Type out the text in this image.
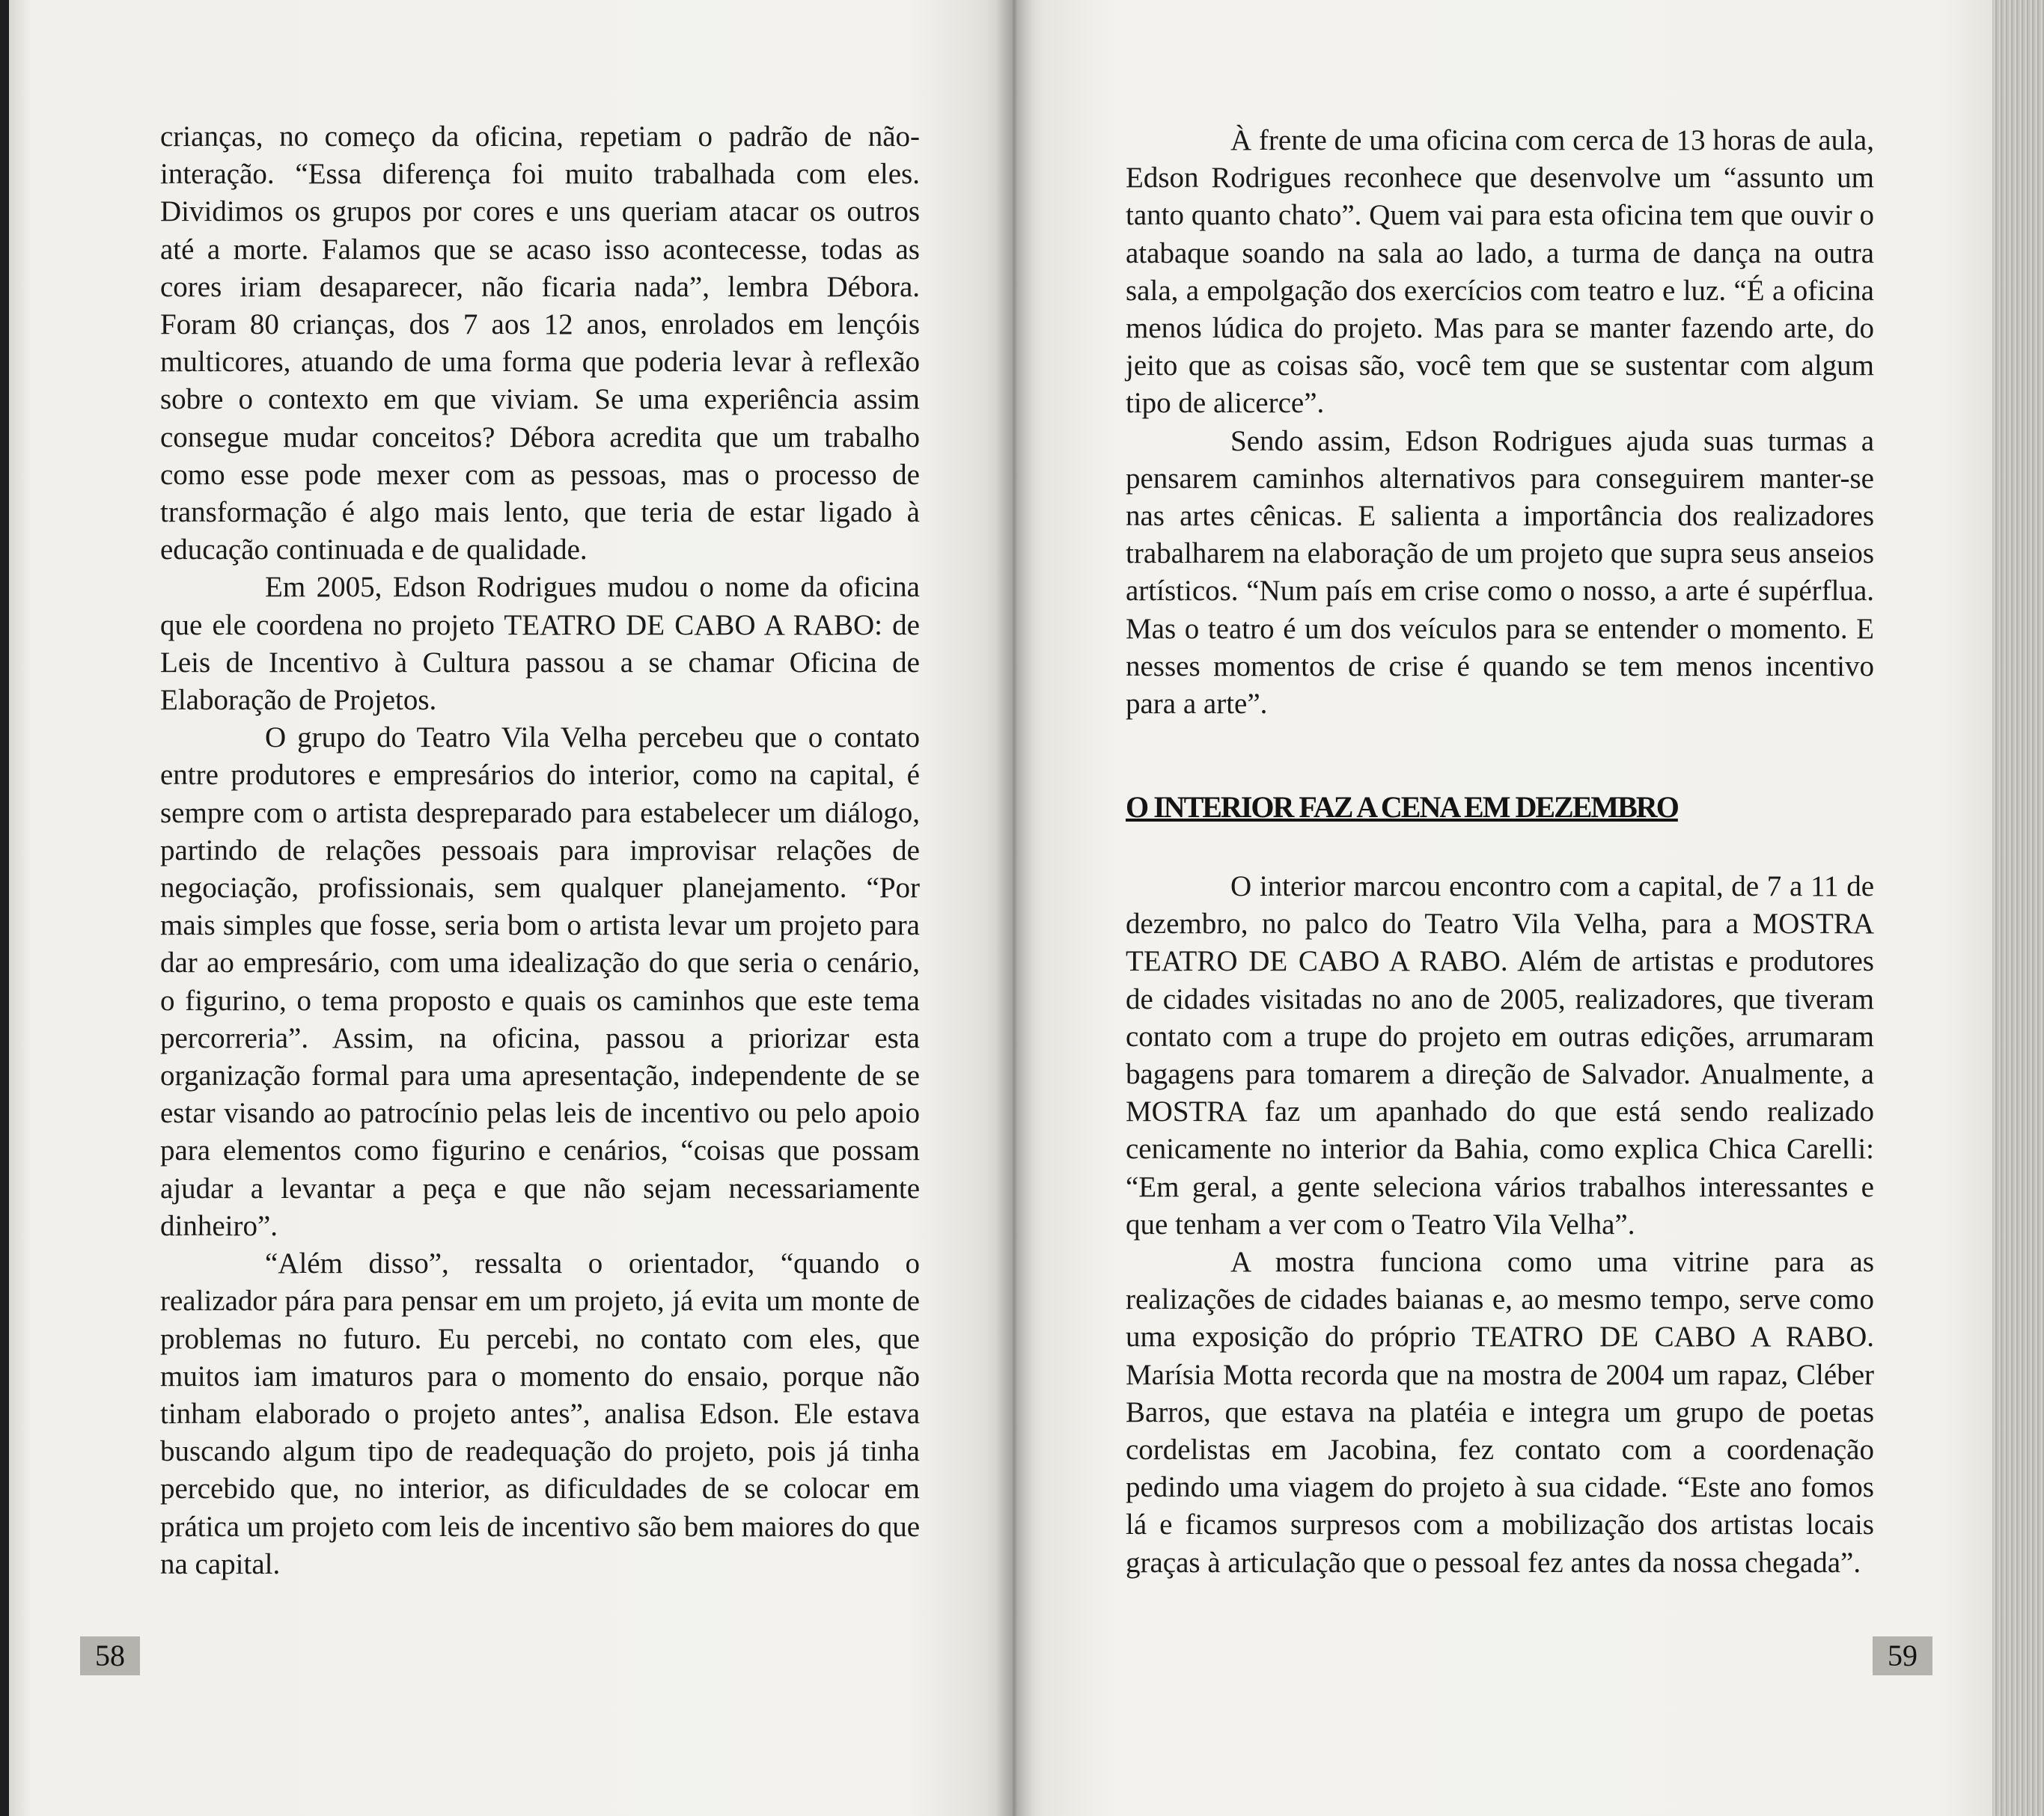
crianças, no começo da oficina, repetiam o padrão de não-interação. “Essa diferença foi muito trabalhada com eles. Dividimos os grupos por cores e uns queriam atacar os outros até a morte. Falamos que se acaso isso acontecesse, todas as cores iriam desaparecer, não ficaria nada”, lembra Débora. Foram 80 crianças, dos 7 aos 12 anos, enrolados em lençóis multicores, atuando de uma forma que poderia levar à reflexão sobre o contexto em que viviam. Se uma experiência assim consegue mudar conceitos? Débora acredita que um trabalho como esse pode mexer com as pessoas, mas o processo de transformação é algo mais lento, que teria de estar ligado à educação continuada e de qualidade.

Em 2005, Edson Rodrigues mudou o nome da oficina que ele coordena no projeto TEATRO DE CABO A RABO: de Leis de Incentivo à Cultura passou a se chamar Oficina de Elaboração de Projetos.

O grupo do Teatro Vila Velha percebeu que o contato entre produtores e empresários do interior, como na capital, é sempre com o artista despreparado para estabelecer um diálogo, partindo de relações pessoais para improvisar relações de negociação, profissionais, sem qualquer planejamento. “Por mais simples que fosse, seria bom o artista levar um projeto para dar ao empresário, com uma idealização do que seria o cenário, o figurino, o tema proposto e quais os caminhos que este tema percorreria”. Assim, na oficina, passou a priorizar esta organização formal para uma apresentação, independente de se estar visando ao patrocínio pelas leis de incentivo ou pelo apoio para elementos como figurino e cenários, “coisas que possam ajudar a levantar a peça e que não sejam necessariamente dinheiro”.

“Além disso”, ressalta o orientador, “quando o realizador pára para pensar em um projeto, já evita um monte de problemas no futuro. Eu percebi, no contato com eles, que muitos iam imaturos para o momento do ensaio, porque não tinham elaborado o projeto antes”, analisa Edson. Ele estava buscando algum tipo de readequação do projeto, pois já tinha percebido que, no interior, as dificuldades de se colocar em prática um projeto com leis de incentivo são bem maiores do que na capital.

58

À frente de uma oficina com cerca de 13 horas de aula, Edson Rodrigues reconhece que desenvolve um “assunto um tanto quanto chato”. Quem vai para esta oficina tem que ouvir o atabaque soando na sala ao lado, a turma de dança na outra sala, a empolgação dos exercícios com teatro e luz. “É a oficina menos lúdica do projeto. Mas para se manter fazendo arte, do jeito que as coisas são, você tem que se sustentar com algum tipo de alicerce”.

Sendo assim, Edson Rodrigues ajuda suas turmas a pensarem caminhos alternativos para conseguirem manter-se nas artes cênicas. E salienta a importância dos realizadores trabalharem na elaboração de um projeto que supra seus anseios artísticos. “Num país em crise como o nosso, a arte é supérflua. Mas o teatro é um dos veículos para se entender o momento. E nesses momentos de crise é quando se tem menos incentivo para a arte”.

O INTERIOR FAZ A CENA EM DEZEMBRO

O interior marcou encontro com a capital, de 7 a 11 de dezembro, no palco do Teatro Vila Velha, para a MOSTRA TEATRO DE CABO A RABO. Além de artistas e produtores de cidades visitadas no ano de 2005, realizadores, que tiveram contato com a trupe do projeto em outras edições, arrumaram bagagens para tomarem a direção de Salvador. Anualmente, a MOSTRA faz um apanhado do que está sendo realizado cenicamente no interior da Bahia, como explica Chica Carelli: “Em geral, a gente seleciona vários trabalhos interessantes e que tenham a ver com o Teatro Vila Velha”.

A mostra funciona como uma vitrine para as realizações de cidades baianas e, ao mesmo tempo, serve como uma exposição do próprio TEATRO DE CABO A RABO. Marísia Motta recorda que na mostra de 2004 um rapaz, Cléber Barros, que estava na platéia e integra um grupo de poetas cordelistas em Jacobina, fez contato com a coordenação pedindo uma viagem do projeto à sua cidade. “Este ano fomos lá e ficamos surpresos com a mobilização dos artistas locais graças à articulação que o pessoal fez antes da nossa chegada”.

59
